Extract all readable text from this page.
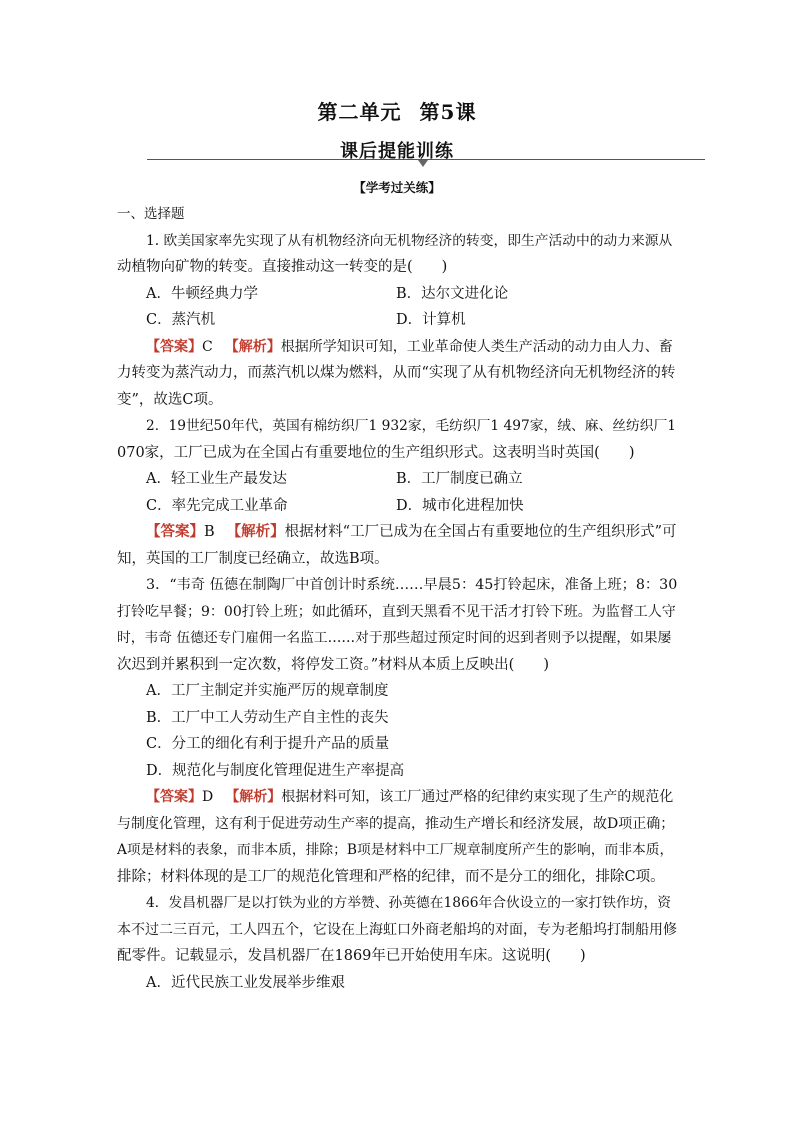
第二单元 第5课
课后提能训练
【学考过关练】
一、选择题
1. 欧美国家率先实现了从有机物经济向无机物经济的转变，即生产活动中的动力来源从
动植物向矿物的转变。直接推动这一转变的是(　　)
A．牛顿经典力学	B．达尔文进化论
C．蒸汽机	D．计算机
【答案】C 【解析】根据所学知识可知，工业革命使人类生产活动的动力由人力、畜
力转变为蒸汽动力，而蒸汽机以煤为燃料，从而“实现了从有机物经济向无机物经济的转
变”，故选C项。
2．19世纪50年代，英国有棉纺织厂1 932家，毛纺织厂1 497家，绒、麻、丝纺织厂1
070家，工厂已成为在全国占有重要地位的生产组织形式。这表明当时英国(　　)
A．轻工业生产最发达	B．工厂制度已确立
C．率先完成工业革命	D．城市化进程加快
【答案】B 【解析】根据材料“工厂已成为在全国占有重要地位的生产组织形式”可
知，英国的工厂制度已经确立，故选B项。
3．“韦奇 伍德在制陶厂中首创计时系统……早晨5：45打铃起床，准备上班；8：30
打铃吃早餐；9：00打铃上班；如此循环，直到天黑看不见干活才打铃下班。为监督工人守
时，韦奇 伍德还专门雇佣一名监工……对于那些超过预定时间的迟到者则予以提醒，如果屡
次迟到并累积到一定次数，将停发工资。”材料从本质上反映出(　　)
A．工厂主制定并实施严厉的规章制度
B．工厂中工人劳动生产自主性的丧失
C．分工的细化有利于提升产品的质量
D．规范化与制度化管理促进生产率提高
【答案】D 【解析】根据材料可知，该工厂通过严格的纪律约束实现了生产的规范化
与制度化管理，这有利于促进劳动生产率的提高，推动生产增长和经济发展，故D项正确；
A项是材料的表象，而非本质，排除；B项是材料中工厂规章制度所产生的影响，而非本质，
排除；材料体现的是工厂的规范化管理和严格的纪律，而不是分工的细化，排除C项。
4．发昌机器厂是以打铁为业的方举赞、孙英德在1866年合伙设立的一家打铁作坊，资
本不过二三百元，工人四五个，它设在上海虹口外商老船坞的对面，专为老船坞打制船用修
配零件。记载显示，发昌机器厂在1869年已开始使用车床。这说明(　　)
A．近代民族工业发展举步维艰
